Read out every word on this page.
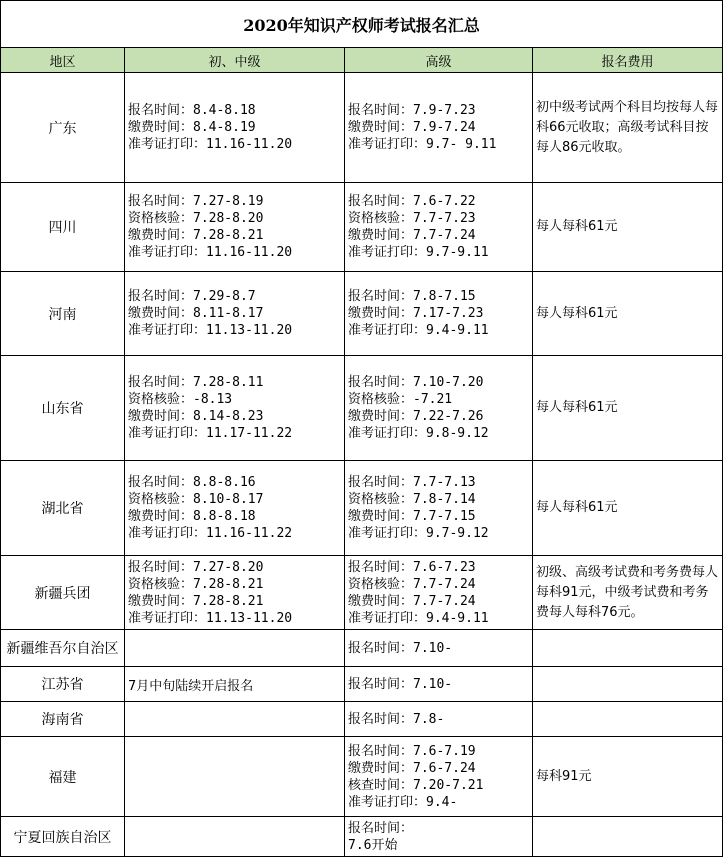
2020年知识产权师考试报名汇总			
地区	初、中级	高级	报名费用
广东	报名时间：8.4-8.18
缴费时间：8.4-8.19
准考证打印：11.16-11.20	报名时间：7.9-7.23
缴费时间：7.9-7.24
准考证打印：9.7- 9.11	初中级考试两个科目均按每人每科66元收取；高级考试科目按每人86元收取。
四川	报名时间：7.27-8.19
资格核验：7.28-8.20
缴费时间：7.28-8.21
准考证打印：11.16-11.20	报名时间：7.6-7.22
资格核验：7.7-7.23
缴费时间：7.7-7.24
准考证打印：9.7-9.11	每人每科61元
河南	报名时间：7.29-8.7
缴费时间：8.11-8.17
准考证打印：11.13-11.20	报名时间：7.8-7.15
缴费时间：7.17-7.23
准考证打印：9.4-9.11	每人每科61元
山东省	报名时间：7.28-8.11
资格核验：-8.13
缴费时间：8.14-8.23
准考证打印：11.17-11.22	报名时间：7.10-7.20
资格核验：-7.21
缴费时间：7.22-7.26
准考证打印：9.8-9.12	每人每科61元
湖北省	报名时间：8.8-8.16
资格核验：8.10-8.17
缴费时间：8.8-8.18
准考证打印：11.16-11.22	报名时间：7.7-7.13
资格核验：7.8-7.14
缴费时间：7.7-7.15
准考证打印：9.7-9.12	每人每科61元
新疆兵团	报名时间：7.27-8.20
资格核验：7.28-8.21
缴费时间：7.28-8.21
准考证打印：11.13-11.20	报名时间：7.6-7.23
资格核验：7.7-7.24
缴费时间：7.7-7.24
准考证打印：9.4-9.11	初级、高级考试费和考务费每人每科91元，中级考试费和考务费每人每科76元。
新疆维吾尔自治区		报名时间：7.10-	

江苏省	7月中旬陆续开启报名	报名时间：7.10-	

海南省		报名时间：7.8-	

福建		报名时间：7.6-7.19
缴费时间：7.6-7.24
核查时间：7.20-7.21
准考证打印：9.4-	每科91元
宁夏回族自治区		报名时间：
7.6开始	
